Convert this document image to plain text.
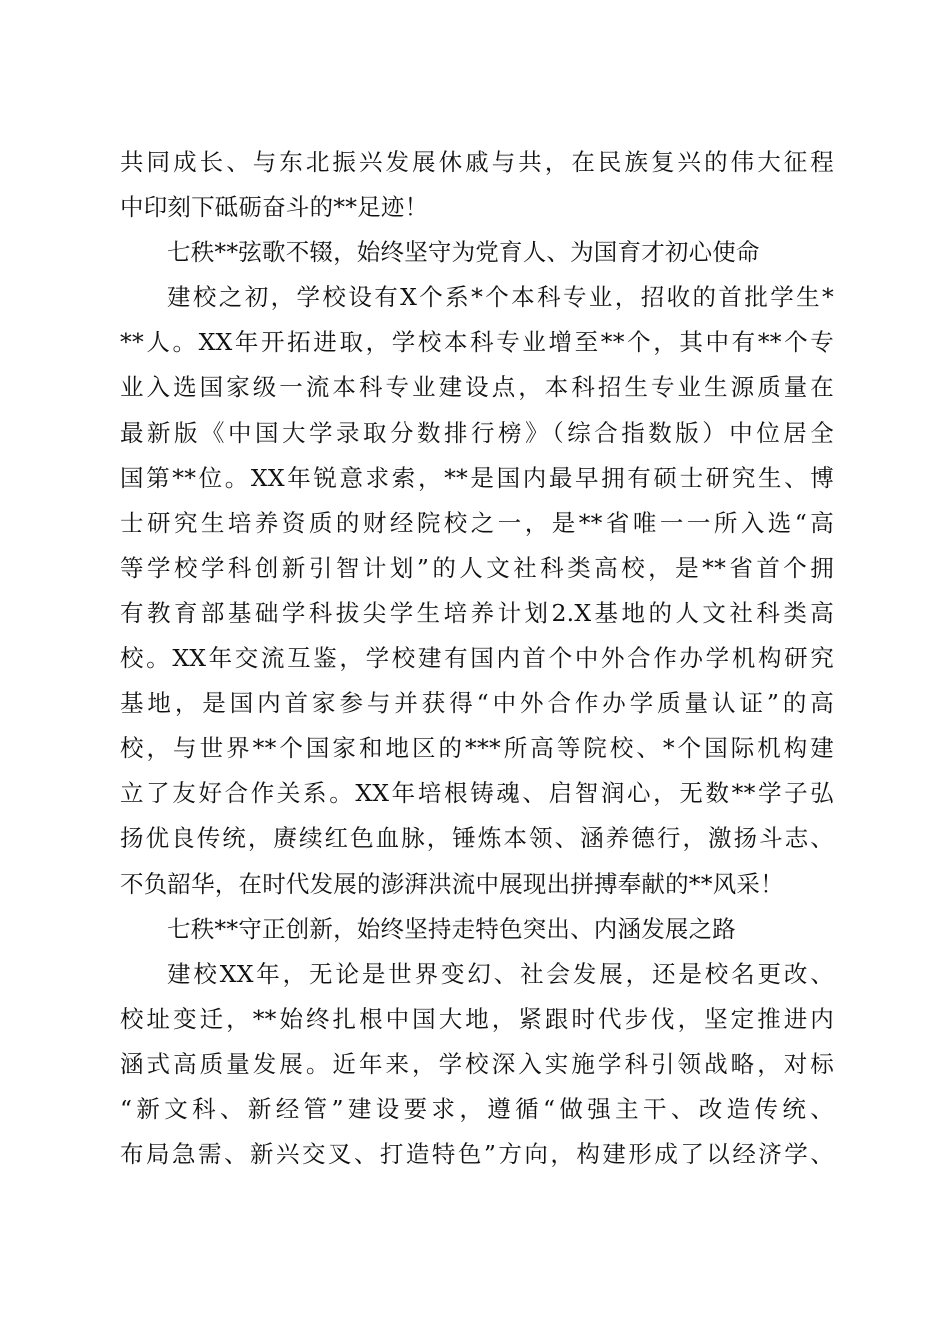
共同成长、与东北振兴发展休戚与共，在民族复兴的伟大征程
中印刻下砥砺奋斗的**足迹！
七秩**弦歌不辍，始终坚守为党育人、为国育才初心使命
建校之初，学校设有X个系*个本科专业，招收的首批学生*
**人。XX年开拓进取，学校本科专业增至**个，其中有**个专
业入选国家级一流本科专业建设点，本科招生专业生源质量在
最新版《中国大学录取分数排行榜》（综合指数版）中位居全
国第**位。XX年锐意求索，**是国内最早拥有硕士研究生、博
士研究生培养资质的财经院校之一，是**省唯一一所入选“高
等学校学科创新引智计划”的人文社科类高校，是**省首个拥
有教育部基础学科拔尖学生培养计划2.X基地的人文社科类高
校。XX年交流互鉴，学校建有国内首个中外合作办学机构研究
基地，是国内首家参与并获得“中外合作办学质量认证”的高
校，与世界**个国家和地区的***所高等院校、*个国际机构建
立了友好合作关系。XX年培根铸魂、启智润心，无数**学子弘
扬优良传统，赓续红色血脉，锤炼本领、涵养德行，激扬斗志、
不负韶华，在时代发展的澎湃洪流中展现出拼搏奉献的**风采！
七秩**守正创新，始终坚持走特色突出、内涵发展之路
建校XX年，无论是世界变幻、社会发展，还是校名更改、
校址变迁，**始终扎根中国大地，紧跟时代步伐，坚定推进内
涵式高质量发展。近年来，学校深入实施学科引领战略，对标
“新文科、新经管”建设要求，遵循“做强主干、改造传统、
布局急需、新兴交叉、打造特色”方向，构建形成了以经济学、
